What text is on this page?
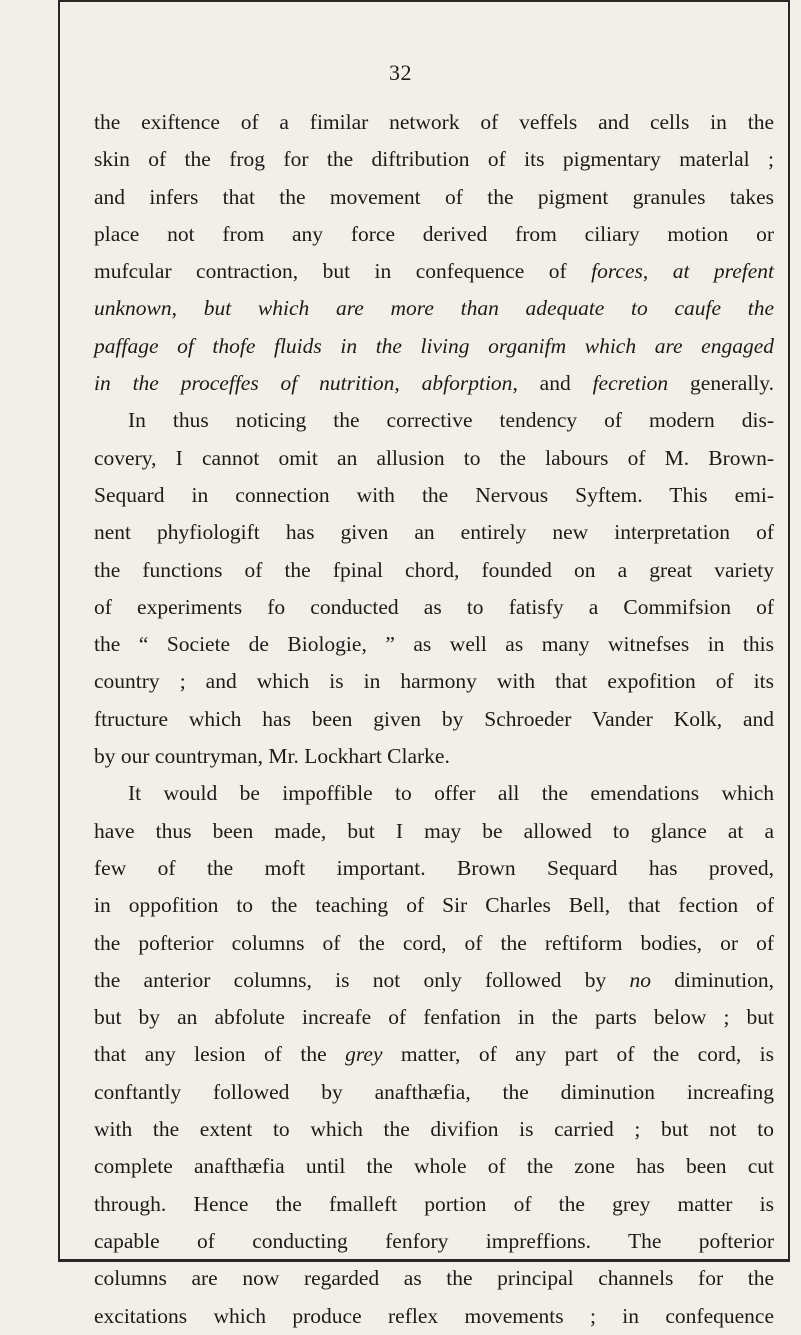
32
the exiftence of a fimilar network of veffels and cells in the
skin of the frog for the diftribution of its pigmentary materlal ;
and infers that the movement of the pigment granules takes
place not from any force derived from ciliary motion or
mufcular contraction, but in confequence of forces, at prefent
unknown, but which are more than adequate to caufe the
paffage of thofe fluids in the living organifm which are engaged
in the proceffes of nutrition, abforption, and fecretion generally.
In thus noticing the corrective tendency of modern dis-
covery, I cannot omit an allusion to the labours of M. Brown-
Sequard in connection with the Nervous Syftem. This emi-
nent phyfiologift has given an entirely new interpretation of
the functions of the fpinal chord, founded on a great variety
of experiments fo conducted as to fatisfy a Commifsion of
the “ Societe de Biologie, ” as well as many witnefses in this
country ; and which is in harmony with that expofition of its
ftructure which has been given by Schroeder Vander Kolk, and
by our countryman, Mr. Lockhart Clarke.
It would be impoffible to offer all the emendations which
have thus been made, but I may be allowed to glance at a
few of the moft important. Brown Sequard has proved,
in oppofition to the teaching of Sir Charles Bell, that fection of
the pofterior columns of the cord, of the reftiform bodies, or of
the anterior columns, is not only followed by no diminution,
but by an abfolute increafe of fenfation in the parts below ; but
that any lesion of the grey matter, of any part of the cord, is
conftantly followed by anafthæfia, the diminution increafing
with the extent to which the divifion is carried ; but not to
complete anafthæfia until the whole of the zone has been cut
through. Hence the fmalleft portion of the grey matter is
capable of conducting fenfory impreffions. The pofterior
columns are now regarded as the principal channels for the
excitations which produce reflex movements ; in confequence
